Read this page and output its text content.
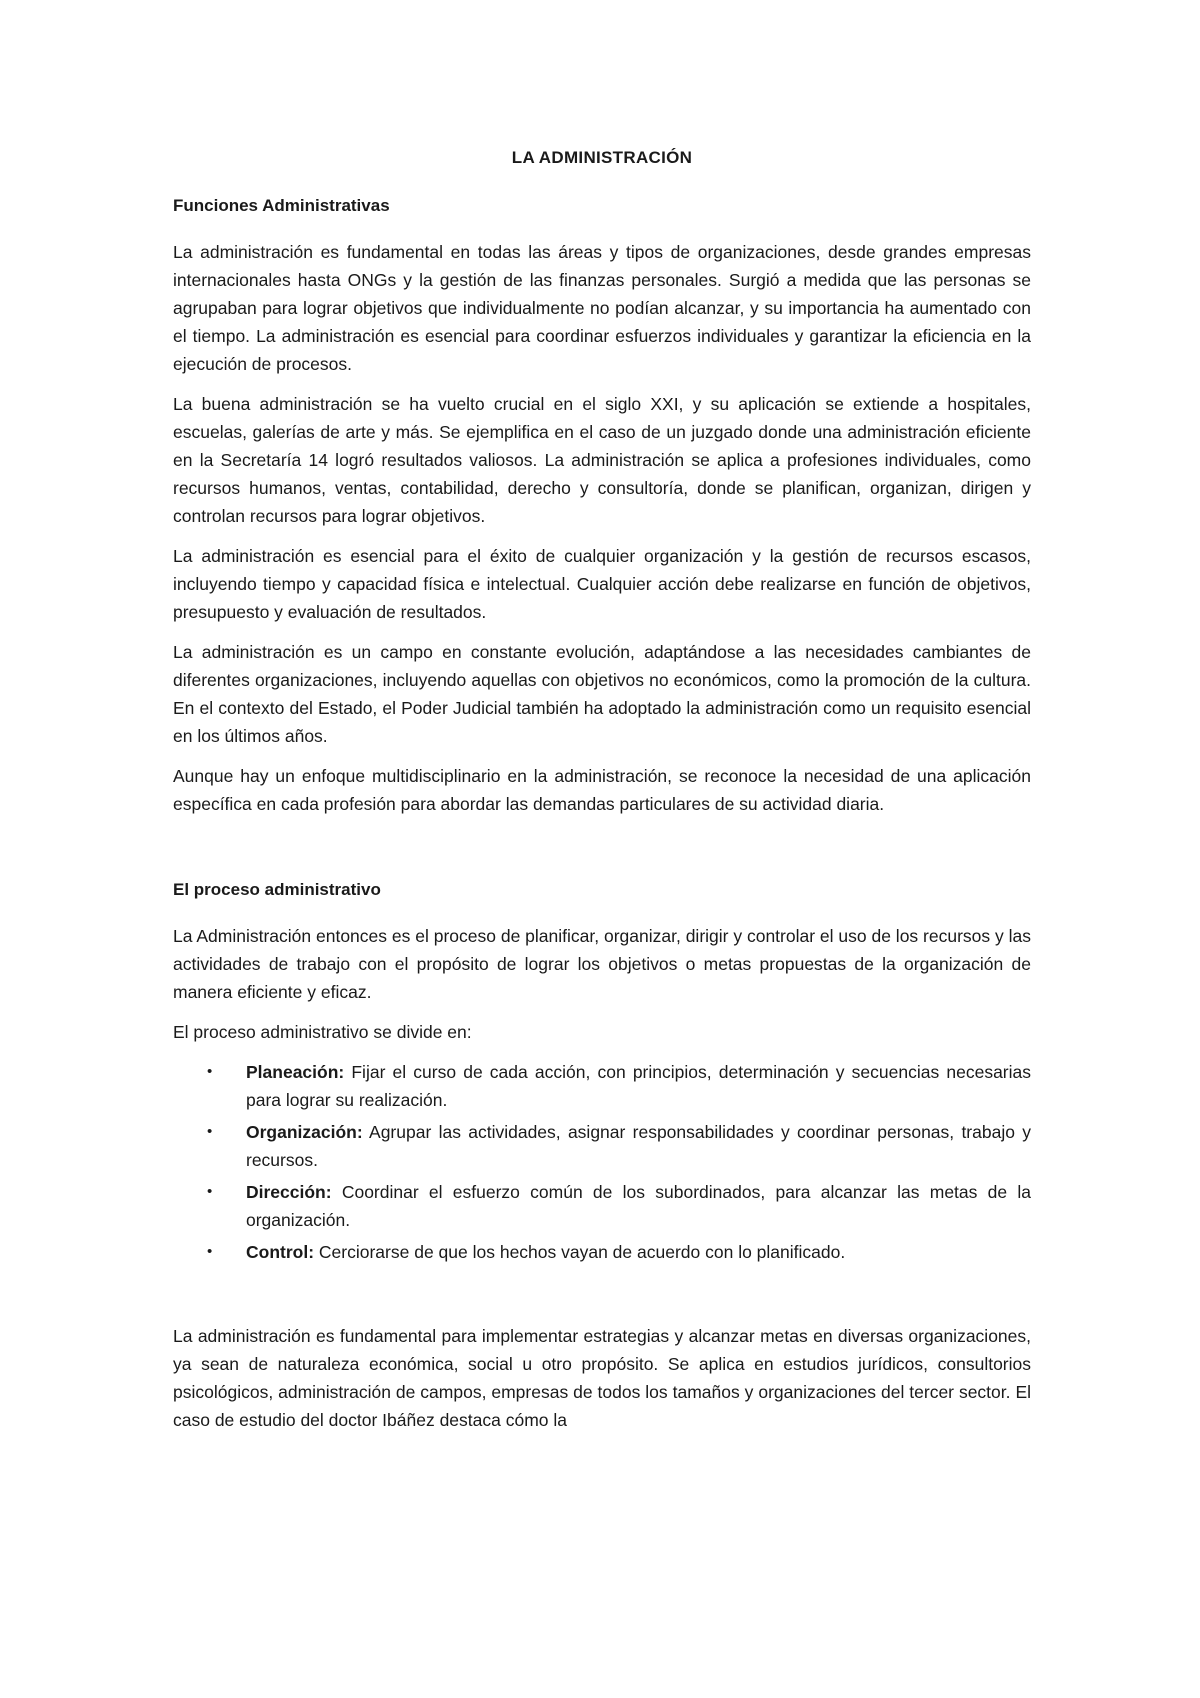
LA ADMINISTRACIÓN
Funciones Administrativas

La administración es fundamental en todas las áreas y tipos de organizaciones, desde grandes empresas internacionales hasta ONGs y la gestión de las finanzas personales. Surgió a medida que las personas se agrupaban para lograr objetivos que individualmente no podían alcanzar, y su importancia ha aumentado con el tiempo. La administración es esencial para coordinar esfuerzos individuales y garantizar la eficiencia en la ejecución de procesos.

La buena administración se ha vuelto crucial en el siglo XXI, y su aplicación se extiende a hospitales, escuelas, galerías de arte y más. Se ejemplifica en el caso de un juzgado donde una administración eficiente en la Secretaría 14 logró resultados valiosos. La administración se aplica a profesiones individuales, como recursos humanos, ventas, contabilidad, derecho y consultoría, donde se planifican, organizan, dirigen y controlan recursos para lograr objetivos.

La administración es esencial para el éxito de cualquier organización y la gestión de recursos escasos, incluyendo tiempo y capacidad física e intelectual. Cualquier acción debe realizarse en función de objetivos, presupuesto y evaluación de resultados.

La administración es un campo en constante evolución, adaptándose a las necesidades cambiantes de diferentes organizaciones, incluyendo aquellas con objetivos no económicos, como la promoción de la cultura. En el contexto del Estado, el Poder Judicial también ha adoptado la administración como un requisito esencial en los últimos años.

Aunque hay un enfoque multidisciplinario en la administración, se reconoce la necesidad de una aplicación específica en cada profesión para abordar las demandas particulares de su actividad diaria.

El proceso administrativo

La Administración entonces es el proceso de planificar, organizar, dirigir y controlar el uso de los recursos y las actividades de trabajo con el propósito de lograr los objetivos o metas propuestas de la organización de manera eficiente y eficaz.

El proceso administrativo se divide en:

• Planeación: Fijar el curso de cada acción, con principios, determinación y secuencias necesarias para lograr su realización.
• Organización: Agrupar las actividades, asignar responsabilidades y coordinar personas, trabajo y recursos.
• Dirección: Coordinar el esfuerzo común de los subordinados, para alcanzar las metas de la organización.
• Control: Cerciorarse de que los hechos vayan de acuerdo con lo planificado.

La administración es fundamental para implementar estrategias y alcanzar metas en diversas organizaciones, ya sean de naturaleza económica, social u otro propósito. Se aplica en estudios jurídicos, consultorios psicológicos, administración de campos, empresas de todos los tamaños y organizaciones del tercer sector. El caso de estudio del doctor Ibáñez destaca cómo la
